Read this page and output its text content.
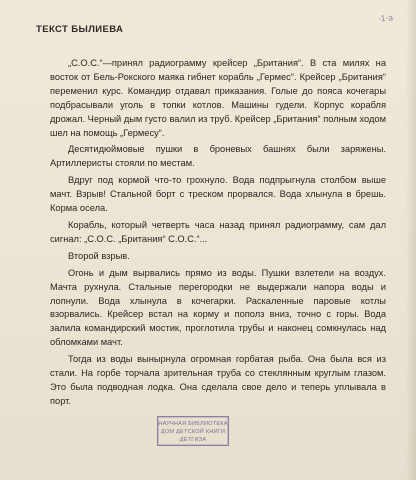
ТЕКСТ БЫЛИЕВА
·1·а

„С.О.С.“—принял радиограмму крейсер „Британия“. В ста милях на восток от Бель-Рокского маяка гибнет корабль „Гермес“. Крейсер „Британия“ переменил курс. Командир отдавал приказания. Голые до пояса кочегары подбрасывали уголь в топки котлов. Машины гудели. Корпус корабля дрожал. Черный дым густо валил из труб. Крейсер „Британия“ полным ходом шел на помощь „Гермесу“.

Десятидюймовые пушки в броневых башнях были заряжены. Артиллеристы стояли по местам.

Вдруг под кормой что-то грохнуло. Вода подпрыгнула столбом выше мачт. Взрыв! Стальной борт с треском прорвался. Вода хлынула в брешь. Корма осела.

Корабль, который четверть часа назад принял радиограмму, сам дал сигнал: „С.О.С. „Британия“ С.О.С.“...

Второй взрыв.

Огонь и дым вырвались прямо из воды. Пушки взлетели на воздух. Мачта рухнула. Стальные перегородки не выдержали напора воды и лопнули. Вода хлынула в кочегарки. Раскаленные паровые котлы взорвались. Крейсер встал на корму и пополз вниз, точно с горы. Вода залила командирский мостик, проглотила трубы и наконец сомкнулась над обломками мачт.

Тогда из воды вынырнула огромная горбатая рыба. Она была вся из стали. На горбе торчала зрительная труба со стеклянным круглым глазом. Это была подводная лодка. Она сделала свое дело и теперь уплывала в порт.

НАУЧНАЯ БИБЛИОТЕКА
ДОМ ДЕТСКОЙ КНИГИ
ДЕТГИЗА
